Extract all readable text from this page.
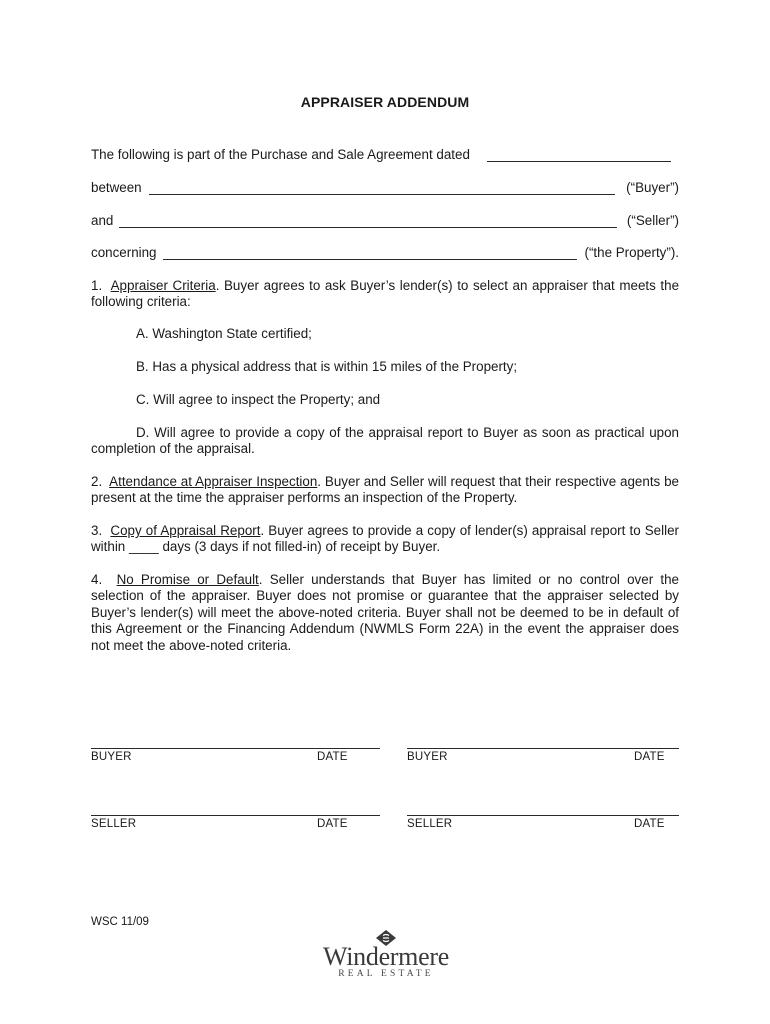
APPRAISER ADDENDUM
The following is part of the Purchase and Sale Agreement dated
between	(“Buyer”)
and	(“Seller”)
concerning	(“the Property”).
1. Appraiser Criteria. Buyer agrees to ask Buyer’s lender(s) to select an appraiser that meets the following criteria:
A. Washington State certified;
B. Has a physical address that is within 15 miles of the Property;
C. Will agree to inspect the Property; and
D. Will agree to provide a copy of the appraisal report to Buyer as soon as practical upon completion of the appraisal.
2. Attendance at Appraiser Inspection. Buyer and Seller will request that their respective agents be present at the time the appraiser performs an inspection of the Property.
3. Copy of Appraisal Report. Buyer agrees to provide a copy of lender(s) appraisal report to Seller within ____ days (3 days if not filled-in) of receipt by Buyer.
4. No Promise or Default. Seller understands that Buyer has limited or no control over the selection of the appraiser. Buyer does not promise or guarantee that the appraiser selected by Buyer’s lender(s) will meet the above-noted criteria. Buyer shall not be deemed to be in default of this Agreement or the Financing Addendum (NWMLS Form 22A) in the event the appraiser does not meet the above-noted criteria.
BUYER	DATE	BUYER	DATE
SELLER	DATE	SELLER	DATE
WSC 11/09
Windermere
REAL ESTATE
